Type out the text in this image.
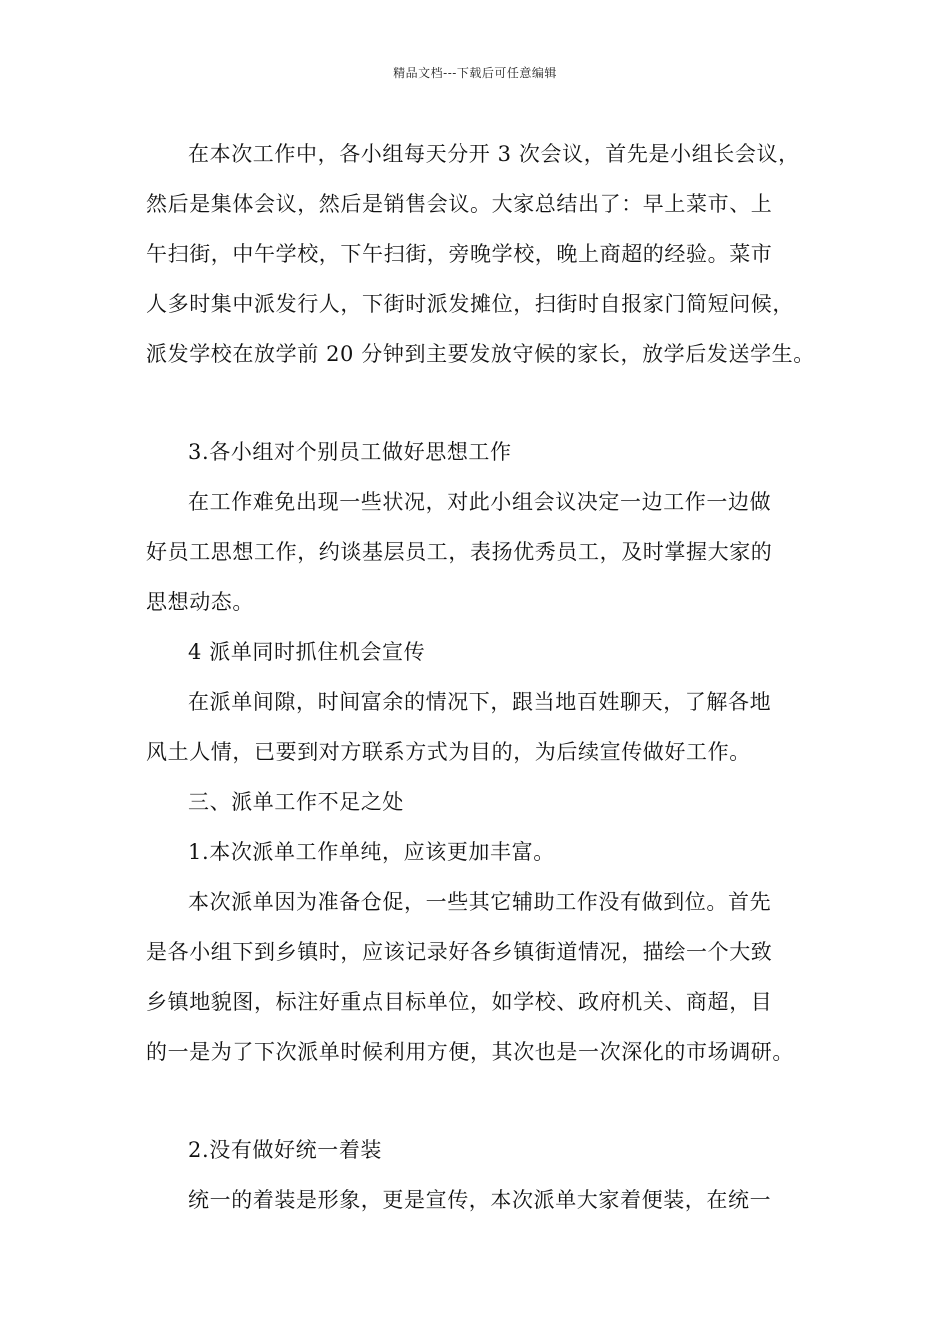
精品文档---下载后可任意编辑
在本次工作中，各小组每天分开 3 次会议，首先是小组长会议，
然后是集体会议，然后是销售会议。大家总结出了：早上菜市、上
午扫街，中午学校，下午扫街，旁晚学校，晚上商超的经验。菜市
人多时集中派发行人，下街时派发摊位，扫街时自报家门简短问候，
派发学校在放学前 20 分钟到主要发放守候的家长，放学后发送学生。
3.各小组对个别员工做好思想工作
在工作难免出现一些状况，对此小组会议决定一边工作一边做
好员工思想工作，约谈基层员工，表扬优秀员工，及时掌握大家的
思想动态。
4 派单同时抓住机会宣传
在派单间隙，时间富余的情况下，跟当地百姓聊天，了解各地
风土人情，已要到对方联系方式为目的，为后续宣传做好工作。
三、派单工作不足之处
1.本次派单工作单纯，应该更加丰富。
本次派单因为准备仓促，一些其它辅助工作没有做到位。首先
是各小组下到乡镇时，应该记录好各乡镇街道情况，描绘一个大致
乡镇地貌图，标注好重点目标单位，如学校、政府机关、商超，目
的一是为了下次派单时候利用方便，其次也是一次深化的市场调研。
2.没有做好统一着装
统一的着装是形象，更是宣传，本次派单大家着便装，在统一
